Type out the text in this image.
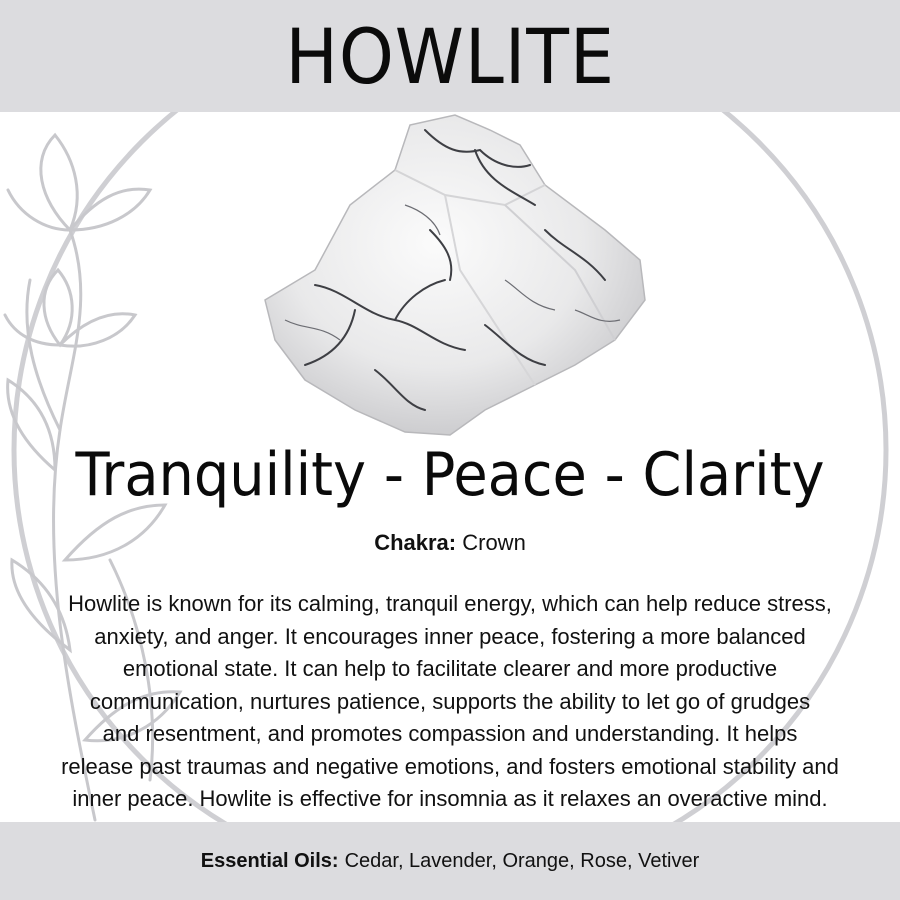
HOWLITE
Tranquility - Peace - Clarity
Chakra: Crown
Howlite is known for its calming, tranquil energy, which can help reduce stress,
anxiety, and anger. It encourages inner peace, fostering a more balanced
emotional state. It can help to facilitate clearer and more productive
communication, nurtures patience, supports the ability to let go of grudges
and resentment, and promotes compassion and understanding. It helps
release past traumas and negative emotions, and fosters emotional stability and
inner peace. Howlite is effective for insomnia as it relaxes an overactive mind.
Essential Oils: Cedar, Lavender, Orange, Rose, Vetiver
